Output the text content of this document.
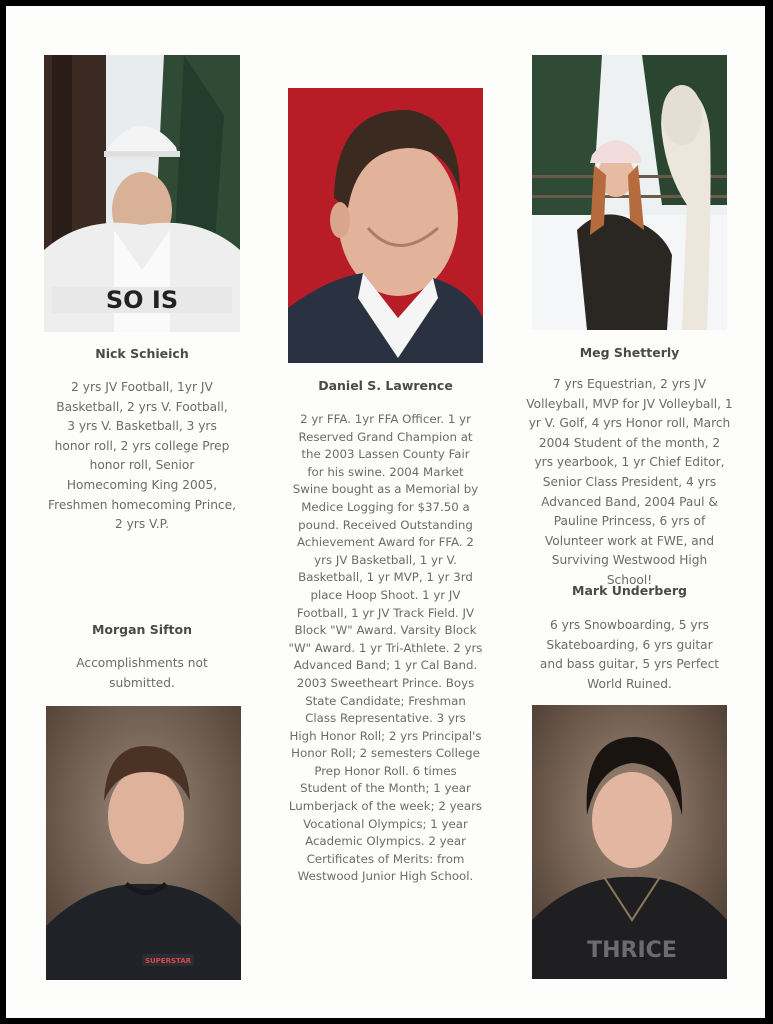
SO IS
SUPERSTAR	THRICE
Nick Schieich
Daniel S. Lawrence
Meg Shetterly
Morgan Sifton
Mark Underberg

2 yrs JV Football, 1yr JV
Basketball, 2 yrs V. Football,
3 yrs V. Basketball, 3 yrs
honor roll, 2 yrs college Prep
honor roll, Senior
Homecoming King 2005,
Freshmen homecoming Prince,
2 yrs V.P.

2 yr FFA. 1yr FFA Officer. 1 yr
Reserved Grand Champion at
the 2003 Lassen County Fair
for his swine. 2004 Market
Swine bought as a Memorial by
Medice Logging for $37.50 a
pound. Received Outstanding
Achievement Award for FFA. 2
yrs JV Basketball, 1 yr V.
Basketball, 1 yr MVP, 1 yr 3rd
place Hoop Shoot. 1 yr JV
Football, 1 yr JV Track Field. JV
Block "W" Award. Varsity Block
"W" Award. 1 yr Tri-Athlete. 2 yrs
Advanced Band; 1 yr Cal Band.
2003 Sweetheart Prince. Boys
State Candidate; Freshman
Class Representative. 3 yrs
High Honor Roll; 2 yrs Principal's
Honor Roll; 2 semesters College
Prep Honor Roll. 6 times
Student of the Month; 1 year
Lumberjack of the week; 2 years
Vocational Olympics; 1 year
Academic Olympics. 2 year
Certificates of Merits: from
Westwood Junior High School.

7 yrs Equestrian, 2 yrs JV
Volleyball, MVP for JV Volleyball, 1
yr V. Golf, 4 yrs Honor roll, March
2004 Student of the month, 2
yrs yearbook, 1 yr Chief Editor,
Senior Class President, 4 yrs
Advanced Band, 2004 Paul &
Pauline Princess, 6 yrs of
Volunteer work at FWE, and
Surviving Westwood High
School!

Accomplishments not
submitted.

6 yrs Snowboarding, 5 yrs
Skateboarding, 6 yrs guitar
and bass guitar, 5 yrs Perfect
World Ruined.
